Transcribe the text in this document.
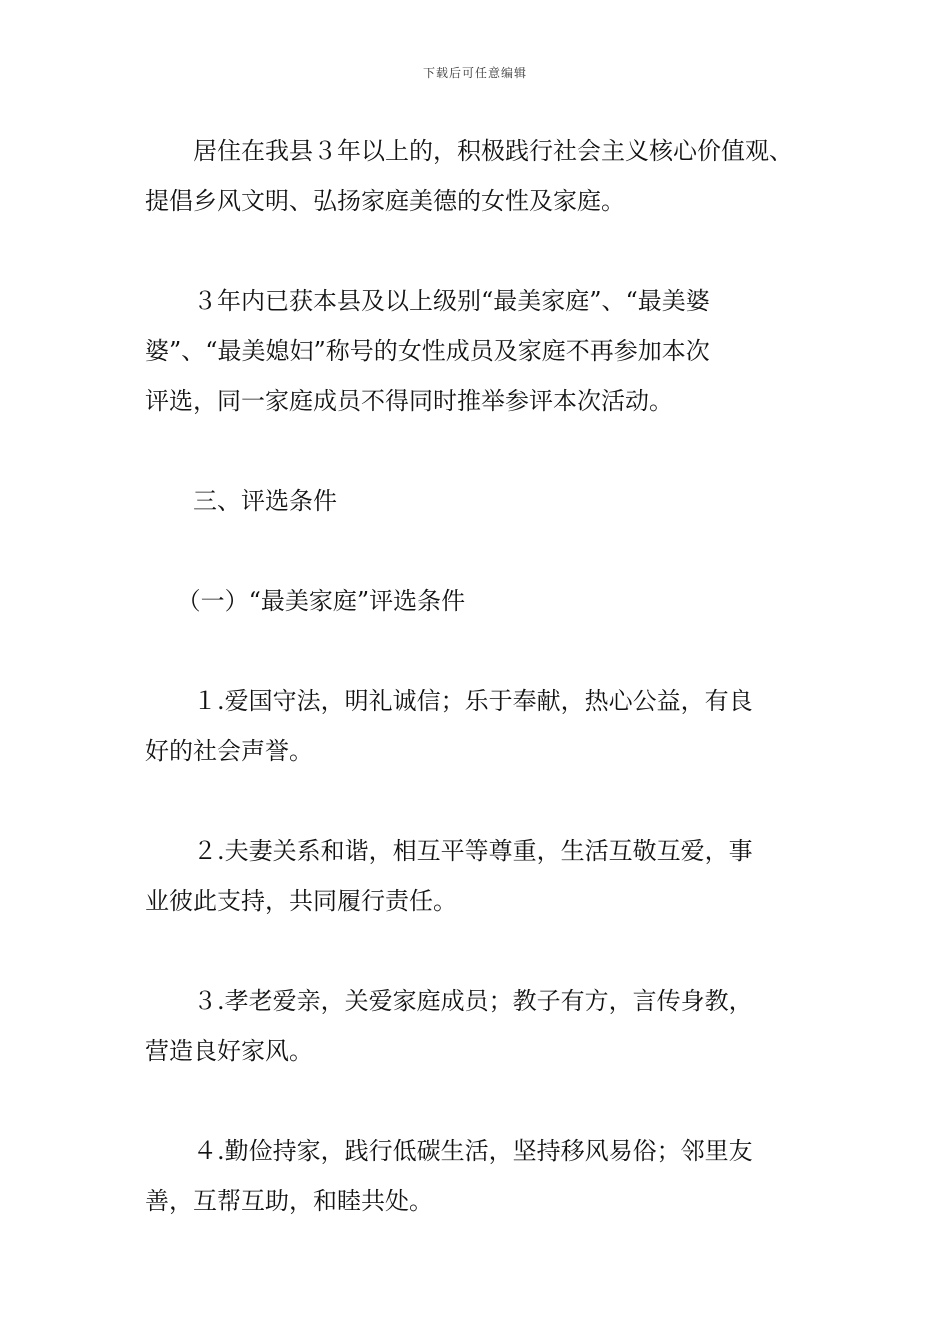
下载后可任意编辑

　　居住在我县３年以上的，积极践行社会主义核心价值观、
提倡乡风文明、弘扬家庭美德的女性及家庭。

　　３年内已获本县及以上级别“最美家庭”、“最美婆
婆”、“最美媳妇”称号的女性成员及家庭不再参加本次
评选，同一家庭成员不得同时推举参评本次活动。

　　三、评选条件

　 （一）“最美家庭”评选条件

　　１.爱国守法，明礼诚信；乐于奉献，热心公益，有良
好的社会声誉。

　　２.夫妻关系和谐，相互平等尊重，生活互敬互爱，事
业彼此支持，共同履行责任。

　　３.孝老爱亲，关爱家庭成员；教子有方，言传身教，
营造良好家风。

　　４.勤俭持家，践行低碳生活，坚持移风易俗；邻里友
善，互帮互助，和睦共处。
